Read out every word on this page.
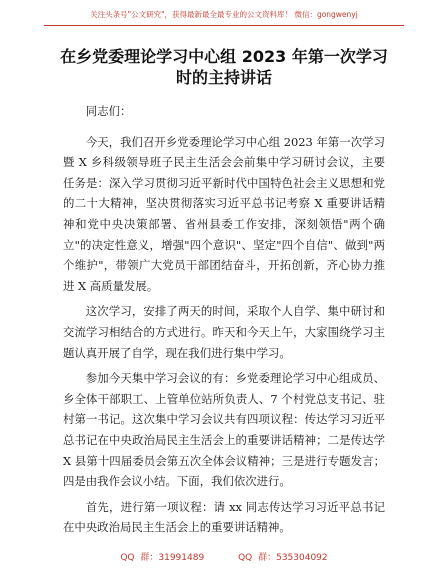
关注头条号"公文研究"，获得最新最全最专业的公文资料库！ 微信：gongwenyj
在乡党委理论学习中心组 2023 年第一次学习时的主持讲话

同志们：

今天，我们召开乡党委理论学习中心组 2023 年第一次学习暨 X 乡科级领导班子民主生活会会前集中学习研讨会议，主要任务是：深入学习贯彻习近平新时代中国特色社会主义思想和党的二十大精神，坚决贯彻落实习近平总书记考察 X 重要讲话精神和党中央决策部署、省州县委工作安排，深刻领悟"两个确立"的决定性意义，增强"四个意识"、坚定"四个自信"、做到"两个维护"，带领广大党员干部团结奋斗，开拓创新，齐心协力推进 X 高质量发展。

这次学习，安排了两天的时间，采取个人自学、集中研讨和交流学习相结合的方式进行。昨天和今天上午，大家围绕学习主题认真开展了自学，现在我们进行集中学习。

参加今天集中学习会议的有：乡党委理论学习中心组成员、乡全体干部职工、上管单位站所负责人、7 个村党总支书记、驻村第一书记。这次集中学习会议共有四项议程：传达学习习近平总书记在中央政治局民主生活会上的重要讲话精神；二是传达学 X 县第十四届委员会第五次全体会议精神；三是进行专题发言；四是由我作会议小结。下面，我们依次进行。

首先，进行第一项议程：请 xx 同志传达学习习近平总书记在中央政治局民主生活会上的重要讲话精神。

QQ 群：31991489	QQ 群：535304092
